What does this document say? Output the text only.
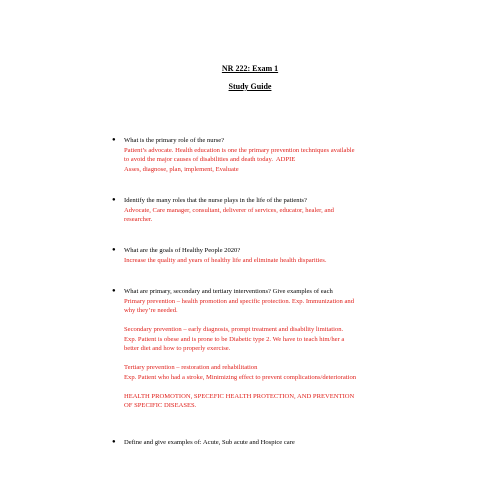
NR 222: Exam 1
Study Guide
●	What is the primary role of the nurse?
Patient’s advocate. Health education is one the primary prevention techniques available
to avoid the major causes of disabilities and death today.  ADPIE
Asses, diagnose, plan, implement, Evaluate
●	Identify the many roles that the nurse plays in the life of the patients?
Advocate, Care manager, consultant, deliverer of services, educator, healer, and
researcher.
●	What are the goals of Healthy People 2020?
Increase the quality and years of healthy life and eliminate health disparities.
●	What are primary, secondary and tertiary interventions? Give examples of each
Primary prevention – health promotion and specific protection. Exp. Immunization and
why they’re needed.
Secondary prevention – early diagnosis, prompt treatment and disability limitation.
Exp. Patient is obese and is prone to be Diabetic type 2. We have to teach him/her a
better diet and how to properly exercise.
Tertiary prevention – restoration and rehabilitation
Exp. Patient who had a stroke, Minimizing effect to prevent complications/deterioration
HEALTH PROMOTION, SPECEFIC HEALTH PROTECTION, AND PREVENTION
OF SPECIFIC DISEASES.
●	Define and give examples of: Acute, Sub acute and Hospice care
